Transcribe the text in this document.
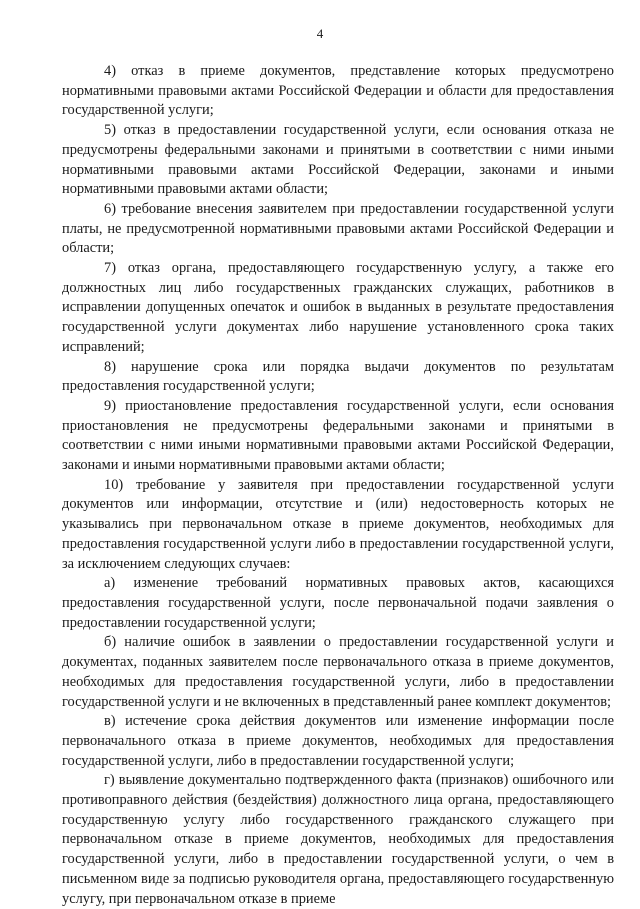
4

4) отказ в приеме документов, представление которых предусмотрено нормативными правовыми актами Российской Федерации и области для предоставления государственной услуги;

5) отказ в предоставлении государственной услуги, если основания отказа не предусмотрены федеральными законами и принятыми в соответствии с ними иными нормативными правовыми актами Российской Федерации, законами и иными нормативными правовыми актами области;

6) требование внесения заявителем при предоставлении государственной услуги платы, не предусмотренной нормативными правовыми актами Российской Федерации и области;

7) отказ органа, предоставляющего государственную услугу, а также его должностных лиц либо государственных гражданских служащих, работников в исправлении допущенных опечаток и ошибок в выданных в результате предоставления государственной услуги документах либо нарушение установленного срока таких исправлений;

8) нарушение срока или порядка выдачи документов по результатам предоставления государственной услуги;

9) приостановление предоставления государственной услуги, если основания приостановления не предусмотрены федеральными законами и принятыми в соответствии с ними иными нормативными правовыми актами Российской Федерации, законами и иными нормативными правовыми актами области;

10) требование у заявителя при предоставлении государственной услуги документов или информации, отсутствие и (или) недостоверность которых не указывались при первоначальном отказе в приеме документов, необходимых для предоставления государственной услуги либо в предоставлении государственной услуги, за исключением следующих случаев:

а) изменение требований нормативных правовых актов, касающихся предоставления государственной услуги, после первоначальной подачи заявления о предоставлении государственной услуги;

б) наличие ошибок в заявлении о предоставлении государственной услуги и документах, поданных заявителем после первоначального отказа в приеме документов, необходимых для предоставления государственной услуги, либо в предоставлении государственной услуги и не включенных в представленный ранее комплект документов;

в) истечение срока действия документов или изменение информации после первоначального отказа в приеме документов, необходимых для предоставления государственной услуги, либо в предоставлении государственной услуги;

г) выявление документально подтвержденного факта (признаков) ошибочного или противоправного действия (бездействия) должностного лица органа, предоставляющего государственную услугу либо государственного гражданского служащего при первоначальном отказе в приеме документов, необходимых для предоставления государственной услуги, либо в предоставлении государственной услуги, о чем в письменном виде за подписью руководителя органа, предоставляющего государственную услугу, при первоначальном отказе в приеме
